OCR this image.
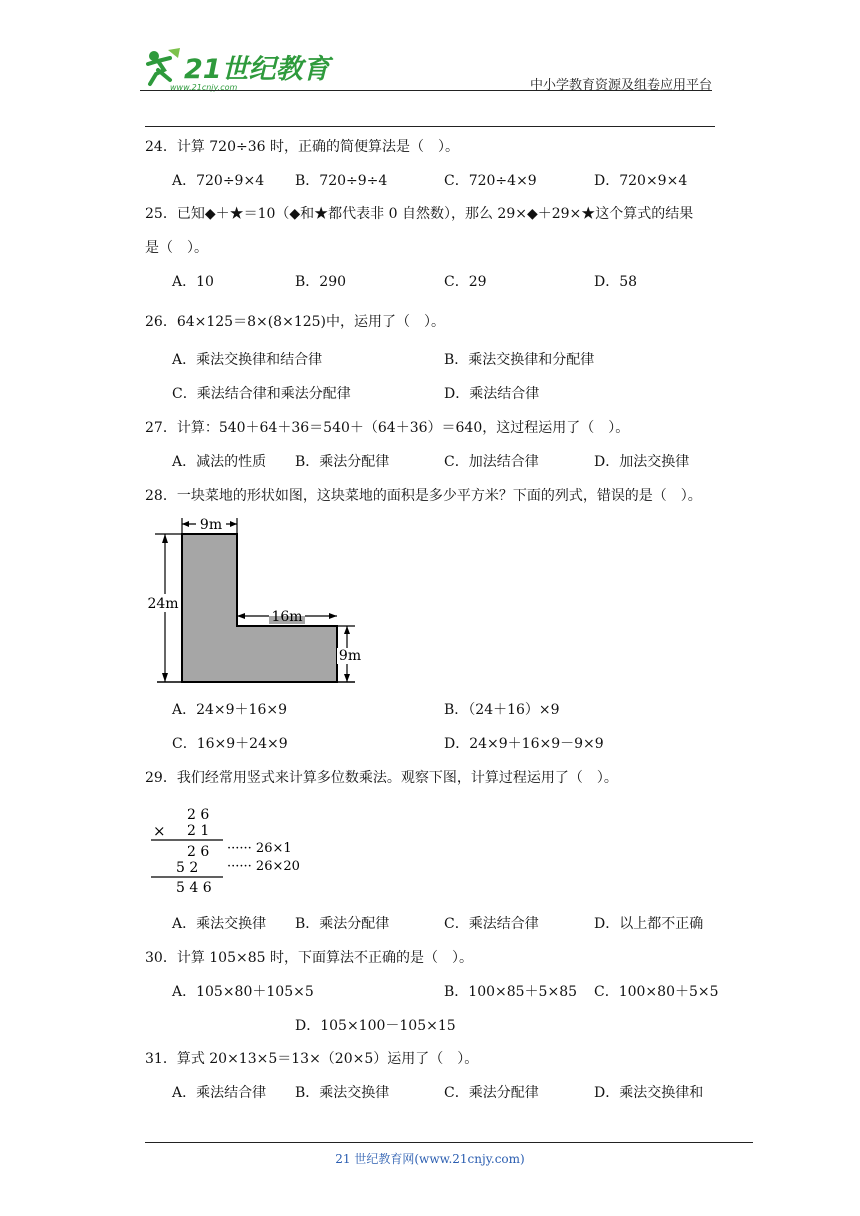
21世纪教育
www.21cnjy.com	中小学教育资源及组卷应用平台
24．计算 720÷36 时，正确的简便算法是（　）。
A．720÷9×4 B．720÷9÷4	C．720÷4×9	D．720×9×4
25．已知◆＋★＝10（◆和★都代表非 0 自然数），那么 29×◆＋29×★这个算式的结果
是（　）。
A．10	B．290	C．29	D．58
26．64×125＝8×(8×125)中，运用了（　）。
A．乘法交换律和结合律	B．乘法交换律和分配律
C．乘法结合律和乘法分配律	D．乘法结合律
27．计算：540＋64＋36＝540＋（64＋36）＝640，这过程运用了（　）。
A．减法的性质 B．乘法分配律	C．加法结合律	D．加法交换律
28．一块菜地的形状如图，这块菜地的面积是多少平方米？下面的列式，错误的是（　）。
9m
24m
16m
9m
A．24×9＋16×9	B．（24＋16）×9
C．16×9＋24×9	D．24×9＋16×9－9×9
29．我们经常用竖式来计算多位数乘法。观察下图，计算过程运用了（　）。
2 6
× 2 1
2 6 ······ 26×1
5 2 ······ 26×20
5 4 6
A．乘法交换律 B．乘法分配律	C．乘法结合律	D．以上都不正确
30．计算 105×85 时，下面算法不正确的是（　）。
A．105×80＋105×5	B．100×85＋5×85 C．100×80＋5×5
D．105×100－105×15
31．算式 20×13×5＝13×（20×5）运用了（　）。
A．乘法结合律 B．乘法交换律	C．乘法分配律	D．乘法交换律和
21 世纪教育网(www.21cnjy.com)
